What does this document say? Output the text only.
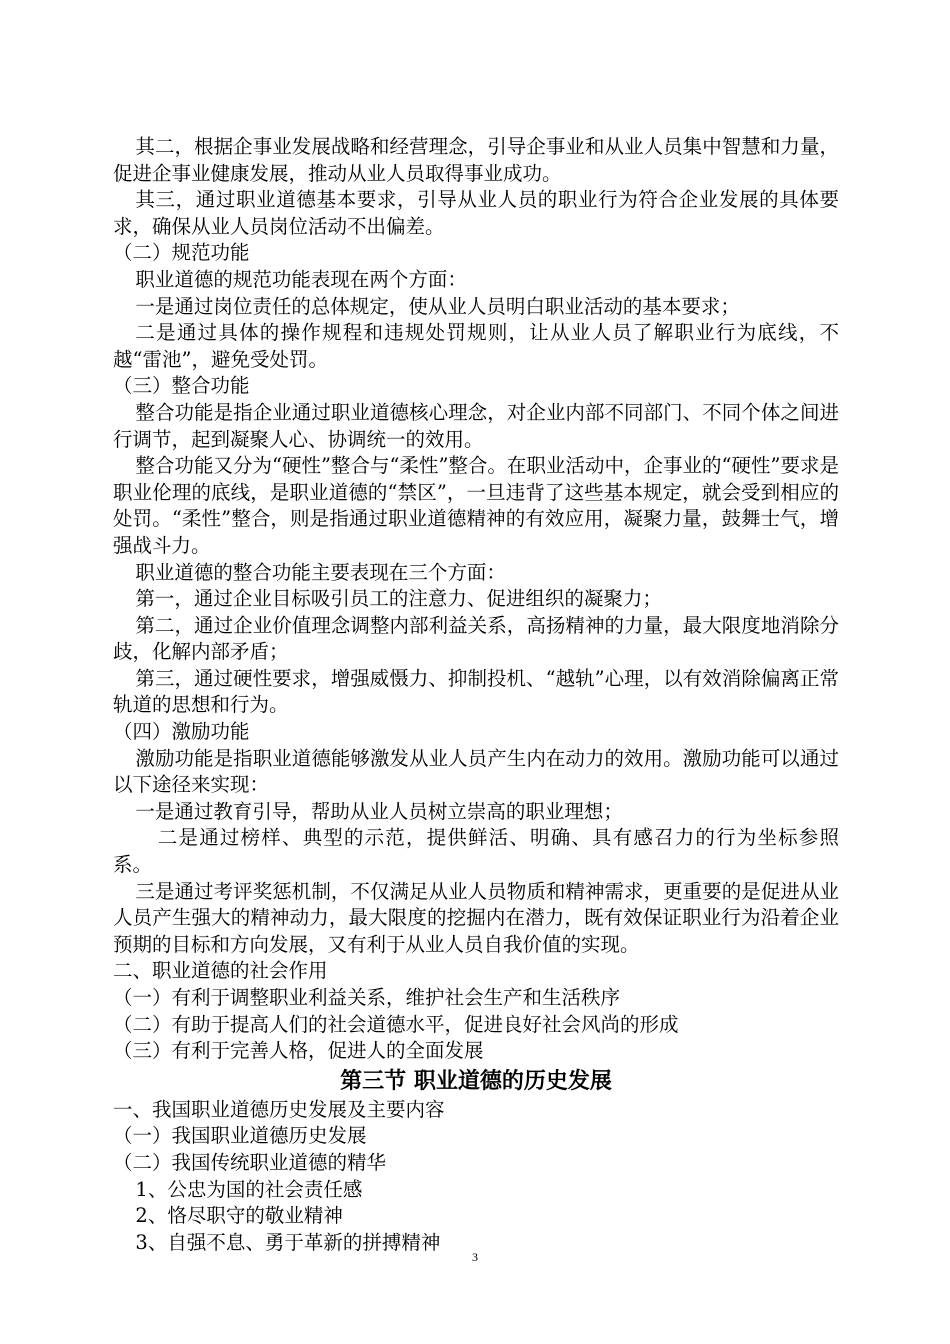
其二，根据企事业发展战略和经营理念，引导企事业和从业人员集中智慧和力量，促进企事业健康发展，推动从业人员取得事业成功。

其三，通过职业道德基本要求，引导从业人员的职业行为符合企业发展的具体要求，确保从业人员岗位活动不出偏差。

（二）规范功能

职业道德的规范功能表现在两个方面：

一是通过岗位责任的总体规定，使从业人员明白职业活动的基本要求；

二是通过具体的操作规程和违规处罚规则，让从业人员了解职业行为底线，不越“雷池”，避免受处罚。

（三）整合功能

整合功能是指企业通过职业道德核心理念，对企业内部不同部门、不同个体之间进行调节，起到凝聚人心、协调统一的效用。

整合功能又分为“硬性”整合与“柔性”整合。在职业活动中，企事业的“硬性”要求是职业伦理的底线，是职业道德的“禁区”，一旦违背了这些基本规定，就会受到相应的处罚。“柔性”整合，则是指通过职业道德精神的有效应用，凝聚力量，鼓舞士气，增强战斗力。

职业道德的整合功能主要表现在三个方面：

第一，通过企业目标吸引员工的注意力、促进组织的凝聚力；

第二，通过企业价值理念调整内部利益关系，高扬精神的力量，最大限度地消除分歧，化解内部矛盾；

第三，通过硬性要求，增强威慑力、抑制投机、“越轨”心理，以有效消除偏离正常轨道的思想和行为。

（四）激励功能

激励功能是指职业道德能够激发从业人员产生内在动力的效用。激励功能可以通过以下途径来实现：

一是通过教育引导，帮助从业人员树立崇高的职业理想；

二是通过榜样、典型的示范，提供鲜活、明确、具有感召力的行为坐标参照系。

三是通过考评奖惩机制，不仅满足从业人员物质和精神需求，更重要的是促进从业人员产生强大的精神动力，最大限度的挖掘内在潜力，既有效保证职业行为沿着企业预期的目标和方向发展，又有利于从业人员自我价值的实现。

二、职业道德的社会作用

（一）有利于调整职业利益关系，维护社会生产和生活秩序

（二）有助于提高人们的社会道德水平，促进良好社会风尚的形成

（三）有利于完善人格，促进人的全面发展

第三节 职业道德的历史发展

一、我国职业道德历史发展及主要内容

（一）我国职业道德历史发展

（二）我国传统职业道德的精华

1、公忠为国的社会责任感

2、恪尽职守的敬业精神

3、自强不息、勇于革新的拼搏精神

3
